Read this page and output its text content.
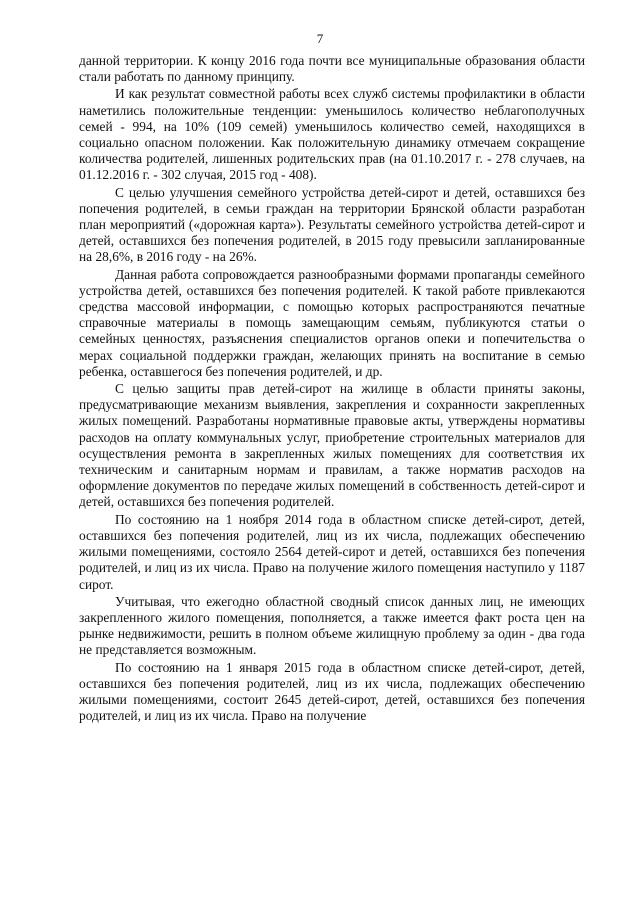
7

данной территории. К концу 2016 года почти все муниципальные образования области стали работать по данному принципу.

И как результат совместной работы всех служб системы профилактики в области наметились положительные тенденции: уменьшилось количество неблагополучных семей - 994, на 10% (109 семей) уменьшилось количество семей, находящихся в социально опасном положении. Как положительную динамику отмечаем сокращение количества родителей, лишенных родительских прав (на 01.10.2017 г. - 278 случаев, на 01.12.2016 г. - 302 случая, 2015 год - 408).

С целью улучшения семейного устройства детей-сирот и детей, оставшихся без попечения родителей, в семьи граждан на территории Брянской области разработан план мероприятий («дорожная карта»). Результаты семейного устройства детей-сирот и детей, оставшихся без попечения родителей, в 2015 году превысили запланированные на 28,6%, в 2016 году - на 26%.

Данная работа сопровождается разнообразными формами пропаганды семейного устройства детей, оставшихся без попечения родителей. К такой работе привлекаются средства массовой информации, с помощью которых распространяются печатные справочные материалы в помощь замещающим семьям, публикуются статьи о семейных ценностях, разъяснения специалистов органов опеки и попечительства о мерах социальной поддержки граждан, желающих принять на воспитание в семью ребенка, оставшегося без попечения родителей, и др.

С целью защиты прав детей-сирот на жилище в области приняты законы, предусматривающие механизм выявления, закрепления и сохранности закрепленных жилых помещений. Разработаны нормативные правовые акты, утверждены нормативы расходов на оплату коммунальных услуг, приобретение строительных материалов для осуществления ремонта в закрепленных жилых помещениях для соответствия их техническим и санитарным нормам и правилам, а также норматив расходов на оформление документов по передаче жилых помещений в собственность детей-сирот и детей, оставшихся без попечения родителей.

По состоянию на 1 ноября 2014 года в областном списке детей-сирот, детей, оставшихся без попечения родителей, лиц из их числа, подлежащих обеспечению жилыми помещениями, состояло 2564 детей-сирот и детей, оставшихся без попечения родителей, и лиц из их числа. Право на получение жилого помещения наступило у 1187 сирот.

Учитывая, что ежегодно областной сводный список данных лиц, не имеющих закрепленного жилого помещения, пополняется, а также имеется факт роста цен на рынке недвижимости, решить в полном объеме жилищную проблему за один - два года не представляется возможным.

По состоянию на 1 января 2015 года в областном списке детей-сирот, детей, оставшихся без попечения родителей, лиц из их числа, подлежащих обеспечению жилыми помещениями, состоит 2645 детей-сирот, детей, оставшихся без попечения родителей, и лиц из их числа. Право на получение
